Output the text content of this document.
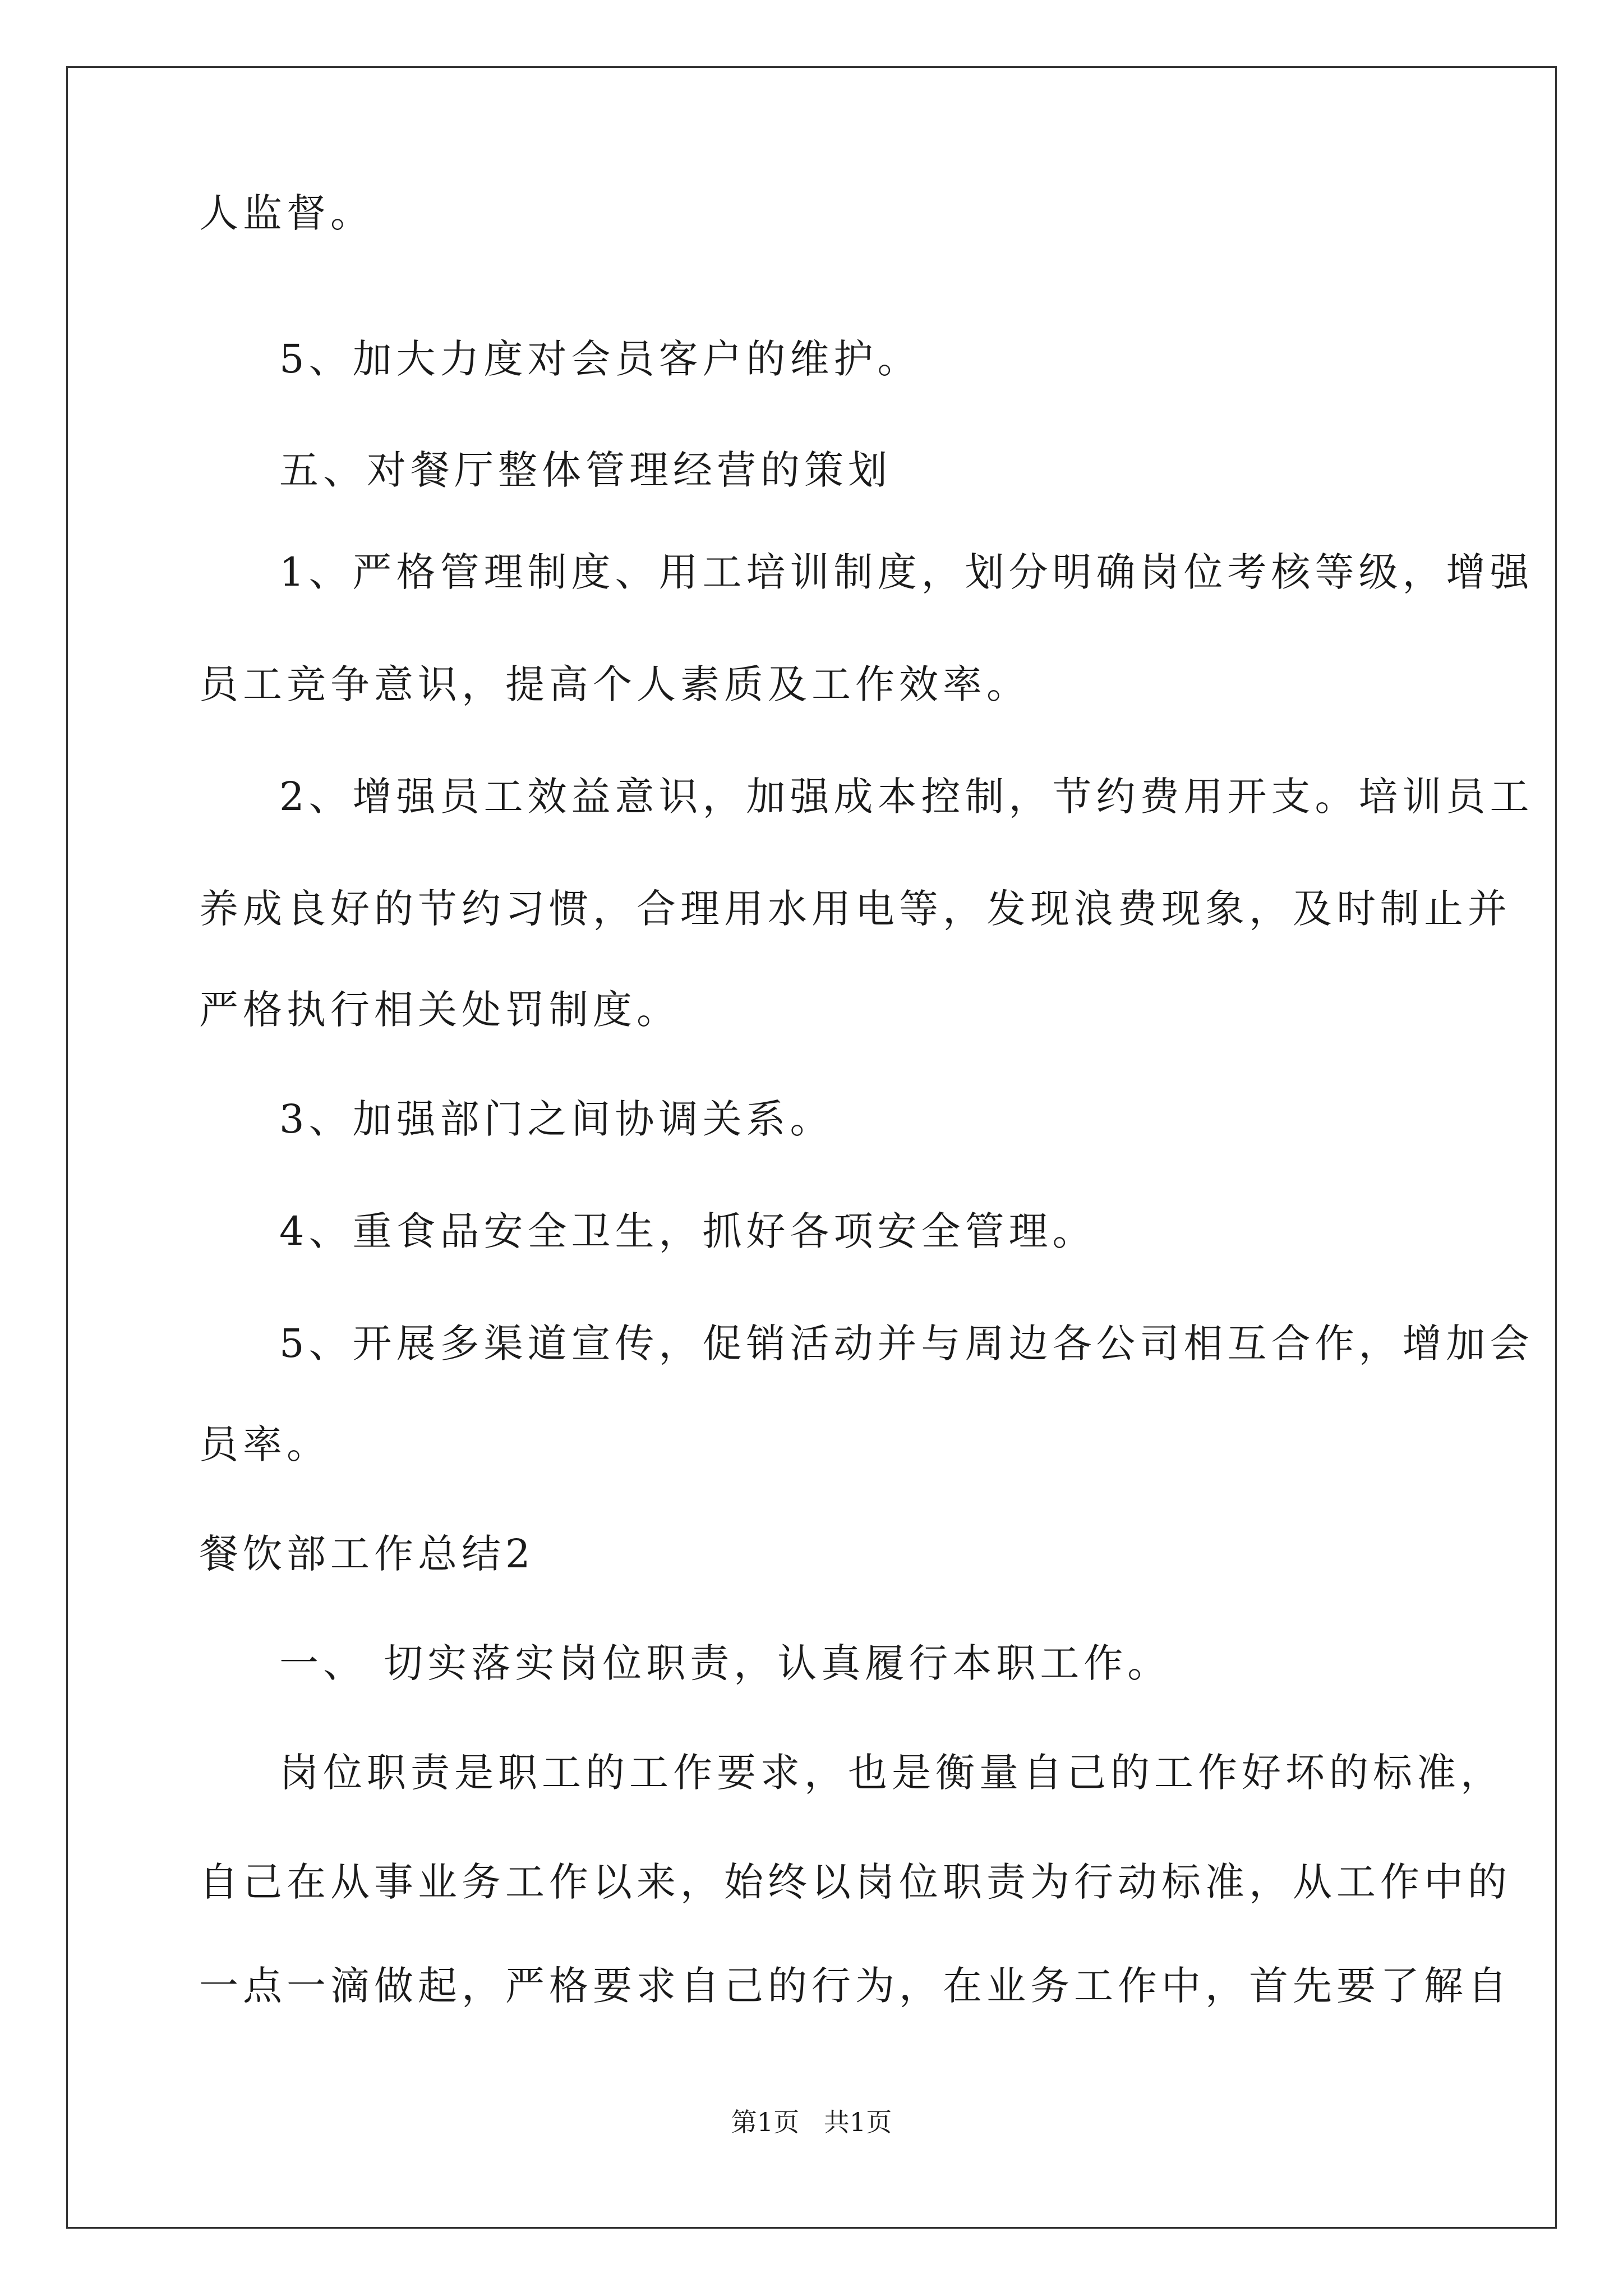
人监督。
5、加大力度对会员客户的维护。
五、对餐厅整体管理经营的策划
1、严格管理制度、用工培训制度，划分明确岗位考核等级，增强
员工竞争意识，提高个人素质及工作效率。
2、增强员工效益意识，加强成本控制，节约费用开支。培训员工
养成良好的节约习惯，合理用水用电等，发现浪费现象，及时制止并
严格执行相关处罚制度。
3、加强部门之间协调关系。
4、重食品安全卫生，抓好各项安全管理。
5、开展多渠道宣传，促销活动并与周边各公司相互合作，增加会
员率。
餐饮部工作总结2
一、 切实落实岗位职责，认真履行本职工作。
岗位职责是职工的工作要求，也是衡量自己的工作好坏的标准，
自己在从事业务工作以来，始终以岗位职责为行动标准，从工作中的
一点一滴做起，严格要求自己的行为，在业务工作中，首先要了解自
第1页   共1页
